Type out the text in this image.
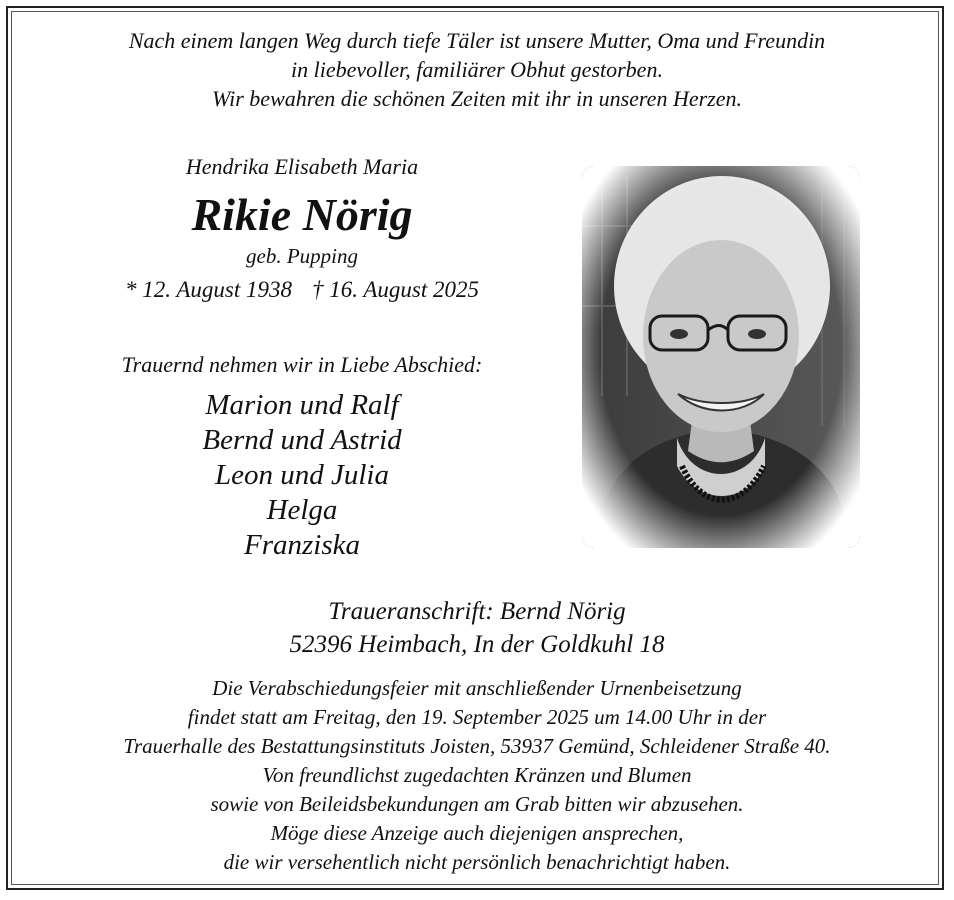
Nach einem langen Weg durch tiefe Täler ist unsere Mutter, Oma und Freundin
in liebevoller, familiärer Obhut gestorben.
Wir bewahren die schönen Zeiten mit ihr in unseren Herzen.
Hendrika Elisabeth Maria
Rikie Nörig
geb. Pupping
* 12. August 1938 † 16. August 2025
Trauernd nehmen wir in Liebe Abschied:
Marion und Ralf
Bernd und Astrid
Leon und Julia
Helga
Franziska
Traueranschrift: Bernd Nörig
52396 Heimbach, In der Goldkuhl 18
Die Verabschiedungsfeier mit anschließender Urnenbeisetzung
findet statt am Freitag, den 19. September 2025 um 14.00 Uhr in der
Trauerhalle des Bestattungsinstituts Joisten, 53937 Gemünd, Schleidener Straße 40.
Von freundlichst zugedachten Kränzen und Blumen
sowie von Beileidsbekundungen am Grab bitten wir abzusehen.
Möge diese Anzeige auch diejenigen ansprechen,
die wir versehentlich nicht persönlich benachrichtigt haben.
